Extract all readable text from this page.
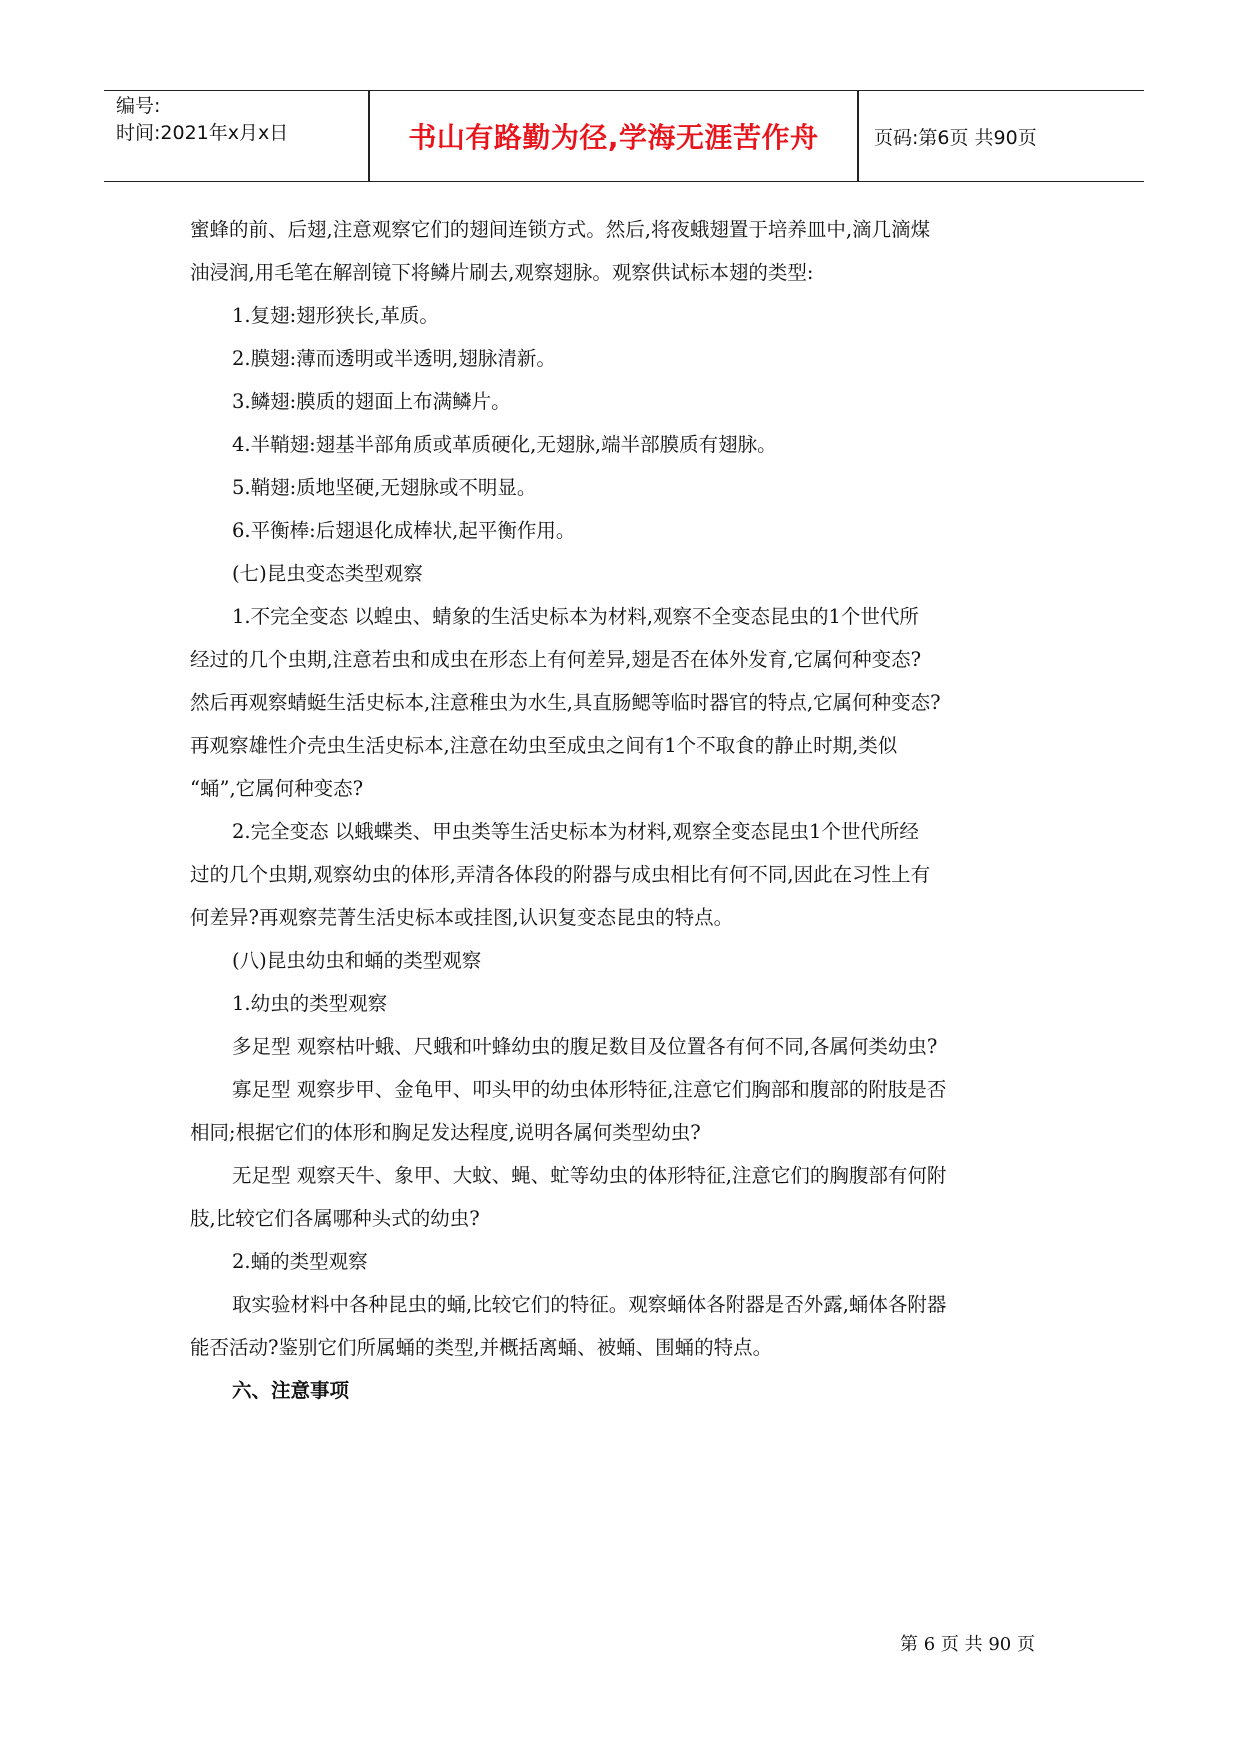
编号:
时间:2021年x月x日	书山有路勤为径,学海无涯苦作舟	页码:第6页 共90页
蜜蜂的前、后翅,注意观察它们的翅间连锁方式。然后,将夜蛾翅置于培养皿中,滴几滴煤
油浸润,用毛笔在解剖镜下将鳞片刷去,观察翅脉。观察供试标本翅的类型:
1.复翅:翅形狭长,革质。
2.膜翅:薄而透明或半透明,翅脉清新。
3.鳞翅:膜质的翅面上布满鳞片。
4.半鞘翅:翅基半部角质或革质硬化,无翅脉,端半部膜质有翅脉。
5.鞘翅:质地坚硬,无翅脉或不明显。
6.平衡棒:后翅退化成棒状,起平衡作用。
(七)昆虫变态类型观察
1.不完全变态 以蝗虫、蜻象的生活史标本为材料,观察不全变态昆虫的1个世代所
经过的几个虫期,注意若虫和成虫在形态上有何差异,翅是否在体外发育,它属何种变态?
然后再观察蜻蜓生活史标本,注意稚虫为水生,具直肠鳃等临时器官的特点,它属何种变态?
再观察雄性介壳虫生活史标本,注意在幼虫至成虫之间有1个不取食的静止时期,类似
“蛹”,它属何种变态?
2.完全变态 以蛾蝶类、甲虫类等生活史标本为材料,观察全变态昆虫1个世代所经
过的几个虫期,观察幼虫的体形,弄清各体段的附器与成虫相比有何不同,因此在习性上有
何差异?再观察芫菁生活史标本或挂图,认识复变态昆虫的特点。
(八)昆虫幼虫和蛹的类型观察
1.幼虫的类型观察
多足型 观察枯叶蛾、尺蛾和叶蜂幼虫的腹足数目及位置各有何不同,各属何类幼虫?
寡足型 观察步甲、金龟甲、叩头甲的幼虫体形特征,注意它们胸部和腹部的附肢是否
相同;根据它们的体形和胸足发达程度,说明各属何类型幼虫?
无足型 观察天牛、象甲、大蚊、蝇、虻等幼虫的体形特征,注意它们的胸腹部有何附
肢,比较它们各属哪种头式的幼虫?
2.蛹的类型观察
取实验材料中各种昆虫的蛹,比较它们的特征。观察蛹体各附器是否外露,蛹体各附器
能否活动?鉴别它们所属蛹的类型,并概括离蛹、被蛹、围蛹的特点。
六、注意事项
第 6 页 共 90 页
